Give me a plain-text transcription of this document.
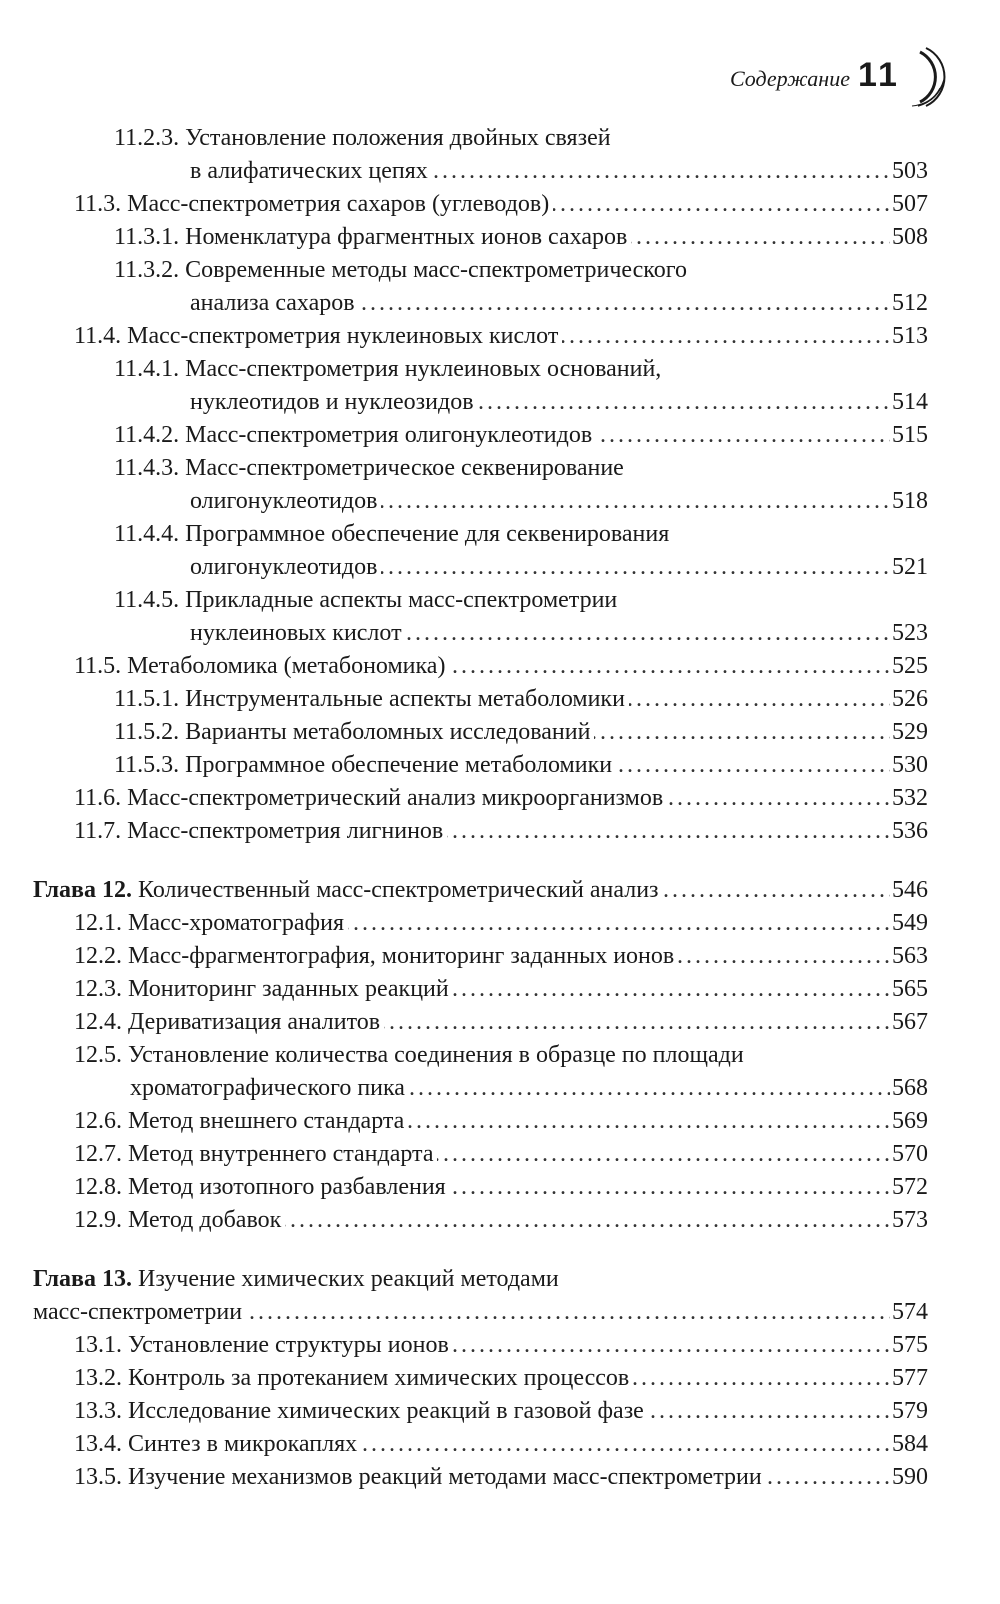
Содержание 11
11.2.3. Установление положения двойных связей
.....
в алифатических цепях	503
.....
11.3. Масс-спектрометрия сахаров (углеводов)	507
.....
11.3.1. Номенклатура фрагментных ионов сахаров	508
11.3.2. Современные методы масс-спектрометрического
.....
анализа сахаров	512
.....
11.4. Масс-спектрометрия нуклеиновых кислот	513
11.4.1. Масс-спектрометрия нуклеиновых оснований,
.....
нуклеотидов и нуклеозидов	514
.....
11.4.2. Масс-спектрометрия олигонуклеотидов	515
11.4.3. Масс-спектрометрическое секвенирование
.....
олигонуклеотидов	518
11.4.4. Программное обеспечение для секвенирования
.....
олигонуклеотидов	521
11.4.5. Прикладные аспекты масс-спектрометрии
.....
нуклеиновых кислот	523
.....
11.5. Метаболомика (метабономика)	525
.....
11.5.1. Инструментальные аспекты метаболомики	526
.....
11.5.2. Варианты метаболомных исследований	529
.....
11.5.3. Программное обеспечение метаболомики	530
.....
11.6. Масс-спектрометрический анализ микроорганизмов	532
.....
11.7. Масс-спектрометрия лигнинов	536
.....
Глава 12. Количественный масс-спектрометрический анализ	546
.....
12.1. Масс-хроматография	549
.....
12.2. Масс-фрагментография, мониторинг заданных ионов	563
.....
12.3. Мониторинг заданных реакций	565
.....
12.4. Дериватизация аналитов	567
12.5. Установление количества соединения в образце по площади
.....
хроматографического пика	568
.....
12.6. Метод внешнего стандарта	569
.....
12.7. Метод внутреннего стандарта	570
.....
12.8. Метод изотопного разбавления	572
.....
12.9. Метод добавок	573
Глава 13. Изучение химических реакций методами
.....
масс-спектрометрии	574
.....
13.1. Установление структуры ионов	575
.....
13.2. Контроль за протеканием химических процессов	577
.....
13.3. Исследование химических реакций в газовой фазе	579
.....
13.4. Синтез в микрокаплях	584
.....
13.5. Изучение механизмов реакций методами масс-спектрометрии	590
